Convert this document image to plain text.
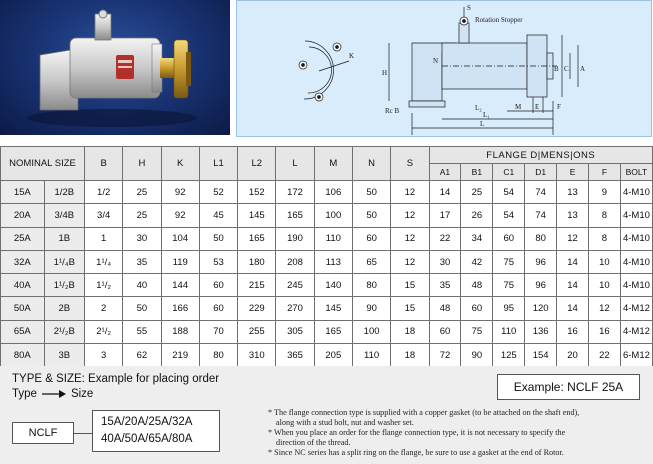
S
Rotation Stopper
K
H
Rc B
N
B C A
E	F
L₁
L₂	M
L
NOMINAL SIZE		B	H	K	L1	L2	L	M	N	S	FLANGE D|MENS|ONS						
											A1	B1	C1	D1	E	F	BOLT
15A	1/2B	1/2	25	92	52	152	172	106	50	12	14	25	54	74	13	9	4-M10
20A	3/4B	3/4	25	92	45	145	165	100	50	12	17	26	54	74	13	8	4-M10
25A	1B	1	30	104	50	165	190	110	60	12	22	34	60	80	12	8	4-M10
32A	1¹/₄B	1¹/₄	35	119	53	180	208	113	65	12	30	42	75	96	14	10	4-M10
40A	1¹/₂B	1¹/₂	40	144	60	215	245	140	80	15	35	48	75	96	14	10	4-M10
50A	2B	2	50	166	60	229	270	145	90	15	48	60	95	120	14	12	4-M12
65A	2¹/₂B	2¹/₂	55	188	70	255	305	165	100	18	60	75	110	136	16	16	4-M12
80A	3B	3	62	219	80	310	365	205	110	18	72	90	125	154	20	22	6-M12
TYPE & SIZE: Example for placing order
Type	Size	Example: NCLF 25A
NCLF
15A/20A/25A/32A
40A/50A/65A/80A
* The flange connection type is supplied with a copper gasket (to be attached on the shaft end),
along with a stud bolt, nut and washer set.
* When you place an order for the flange connection type, it is not necessary to specify the
direction of the thread.
* Since NC series has a split ring on the flange, be sure to use a gasket at the end of Rotor.
